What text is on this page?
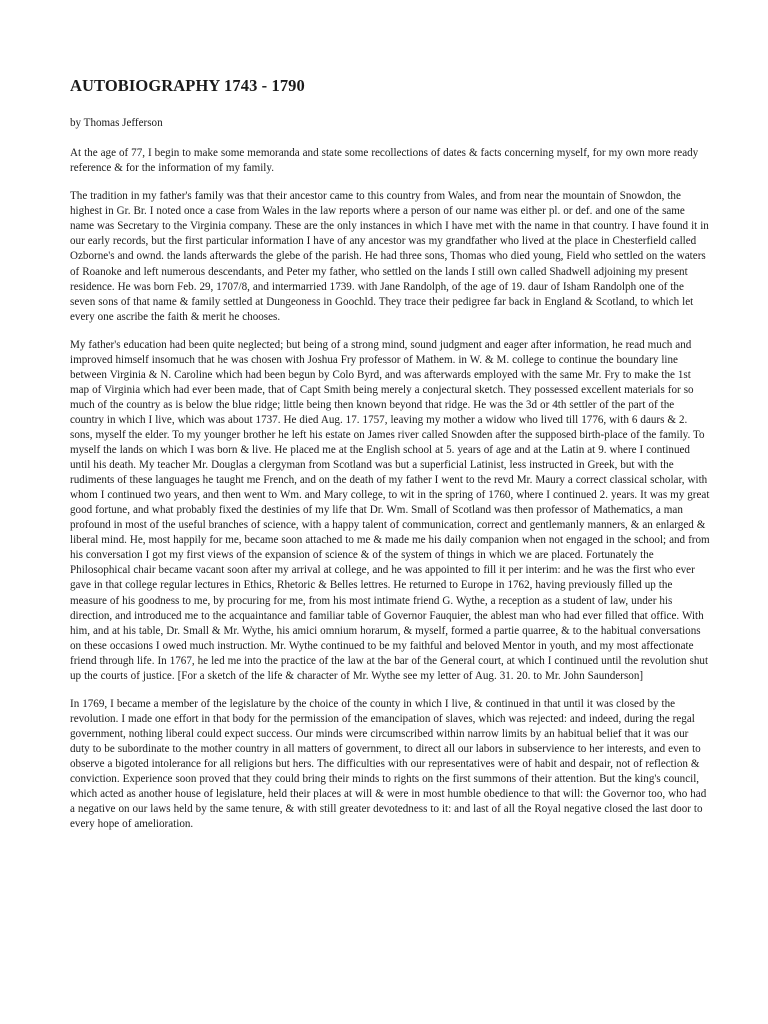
AUTOBIOGRAPHY 1743 - 1790

by Thomas Jefferson

At the age of 77, I begin to make some memoranda and state some recollections of dates & facts concerning myself, for my own more ready reference & for the information of my family.

The tradition in my father's family was that their ancestor came to this country from Wales, and from near the mountain of Snowdon, the highest in Gr. Br. I noted once a case from Wales in the law reports where a person of our name was either pl. or def. and one of the same name was Secretary to the Virginia company. These are the only instances in which I have met with the name in that country. I have found it in our early records, but the first particular information I have of any ancestor was my grandfather who lived at the place in Chesterfield called Ozborne's and ownd. the lands afterwards the glebe of the parish. He had three sons, Thomas who died young, Field who settled on the waters of Roanoke and left numerous descendants, and Peter my father, who settled on the lands I still own called Shadwell adjoining my present residence. He was born Feb. 29, 1707/8, and intermarried 1739. with Jane Randolph, of the age of 19. daur of Isham Randolph one of the seven sons of that name & family settled at Dungeoness in Goochld. They trace their pedigree far back in England & Scotland, to which let every one ascribe the faith & merit he chooses.

My father's education had been quite neglected; but being of a strong mind, sound judgment and eager after information, he read much and improved himself insomuch that he was chosen with Joshua Fry professor of Mathem. in W. & M. college to continue the boundary line between Virginia & N. Caroline which had been begun by Colo Byrd, and was afterwards employed with the same Mr. Fry to make the 1st map of Virginia which had ever been made, that of Capt Smith being merely a conjectural sketch. They possessed excellent materials for so much of the country as is below the blue ridge; little being then known beyond that ridge. He was the 3d or 4th settler of the part of the country in which I live, which was about 1737. He died Aug. 17. 1757, leaving my mother a widow who lived till 1776, with 6 daurs & 2. sons, myself the elder. To my younger brother he left his estate on James river called Snowden after the supposed birth-place of the family. To myself the lands on which I was born & live. He placed me at the English school at 5. years of age and at the Latin at 9. where I continued until his death. My teacher Mr. Douglas a clergyman from Scotland was but a superficial Latinist, less instructed in Greek, but with the rudiments of these languages he taught me French, and on the death of my father I went to the revd Mr. Maury a correct classical scholar, with whom I continued two years, and then went to Wm. and Mary college, to wit in the spring of 1760, where I continued 2. years. It was my great good fortune, and what probably fixed the destinies of my life that Dr. Wm. Small of Scotland was then professor of Mathematics, a man profound in most of the useful branches of science, with a happy talent of communication, correct and gentlemanly manners, & an enlarged & liberal mind. He, most happily for me, became soon attached to me & made me his daily companion when not engaged in the school; and from his conversation I got my first views of the expansion of science & of the system of things in which we are placed. Fortunately the Philosophical chair became vacant soon after my arrival at college, and he was appointed to fill it per interim: and he was the first who ever gave in that college regular lectures in Ethics, Rhetoric & Belles lettres. He returned to Europe in 1762, having previously filled up the measure of his goodness to me, by procuring for me, from his most intimate friend G. Wythe, a reception as a student of law, under his direction, and introduced me to the acquaintance and familiar table of Governor Fauquier, the ablest man who had ever filled that office. With him, and at his table, Dr. Small & Mr. Wythe, his amici omnium horarum, & myself, formed a partie quarree, & to the habitual conversations on these occasions I owed much instruction. Mr. Wythe continued to be my faithful and beloved Mentor in youth, and my most affectionate friend through life. In 1767, he led me into the practice of the law at the bar of the General court, at which I continued until the revolution shut up the courts of justice. [For a sketch of the life & character of Mr. Wythe see my letter of Aug. 31. 20. to Mr. John Saunderson]

In 1769, I became a member of the legislature by the choice of the county in which I live, & continued in that until it was closed by the revolution. I made one effort in that body for the permission of the emancipation of slaves, which was rejected: and indeed, during the regal government, nothing liberal could expect success. Our minds were circumscribed within narrow limits by an habitual belief that it was our duty to be subordinate to the mother country in all matters of government, to direct all our labors in subservience to her interests, and even to observe a bigoted intolerance for all religions but hers. The difficulties with our representatives were of habit and despair, not of reflection & conviction. Experience soon proved that they could bring their minds to rights on the first summons of their attention. But the king's council, which acted as another house of legislature, held their places at will & were in most humble obedience to that will: the Governor too, who had a negative on our laws held by the same tenure, & with still greater devotedness to it: and last of all the Royal negative closed the last door to every hope of amelioration.
